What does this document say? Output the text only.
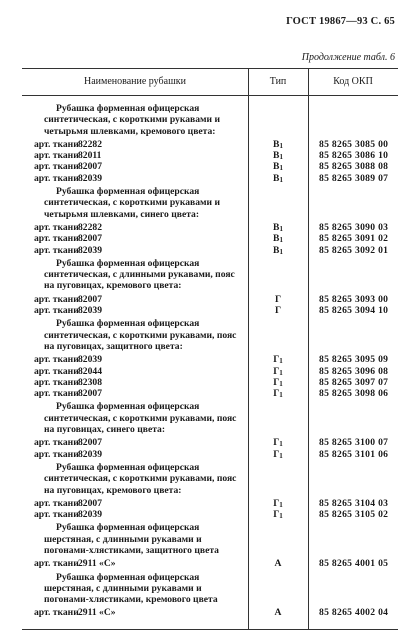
ГОСТ 19867—93 С. 65
Продолжение табл. 6
Наименование рубашки	Тип	Код ОКП
Рубашка форменная офицерская синтетическая, с короткими рукавами и четырьмя шлевками, кремового цвета:
арт. ткани 82282	$В_1$	85 8265 3085 00
арт. ткани 82011	$В_1$	85 8265 3086 10
арт. ткани 82007	$В_1$	85 8265 3088 08
арт. ткани 82039	$В_1$	85 8265 3089 07
Рубашка форменная офицерская синтетическая, с короткими рукавами и четырьмя шлевками, синего цвета:
арт. ткани 82282	$В_1$	85 8265 3090 03
арт. ткани 82007	$В_1$	85 8265 3091 02
арт. ткани 82039	$В_1$	85 8265 3092 01
Рубашка форменная офицерская синтетическая, с длинными рукавами, пояс на пуговицах, кремового цвета:
арт. ткани 82007	Г	85 8265 3093 00
арт. ткани 82039	Г	85 8265 3094 10
Рубашка форменная офицерская синтетическая, с короткими рукавами, пояс на пуговицах, защитного цвета:
арт. ткани 82039	$Г_1$	85 8265 3095 09
арт. ткани 82044	$Г_1$	85 8265 3096 08
арт. ткани 82308	$Г_1$	85 8265 3097 07
арт. ткани 82007	$Г_1$	85 8265 3098 06
Рубашка форменная офицерская синтетическая, с короткими рукавами, пояс на пуговицах, синего цвета:
арт. ткани 82007	$Г_1$	85 8265 3100 07
арт. ткани 82039	$Г_1$	85 8265 3101 06
Рубашка форменная офицерская синтетическая, с короткими рукавами, пояс на пуговицах, кремового цвета:
арт. ткани 82007	$Г_1$	85 8265 3104 03
арт. ткани 82039	$Г_1$	85 8265 3105 02
Рубашка форменная офицерская шерстяная, с длинными рукавами и погонами-хлястиками, защитного цвета
арт. ткани 2911 «С»	А	85 8265 4001 05
Рубашка форменная офицерская шерстяная, с длинными рукавами и погонами-хлястиками, кремового цвета
арт. ткани 2911 «С»	А	85 8265 4002 04
